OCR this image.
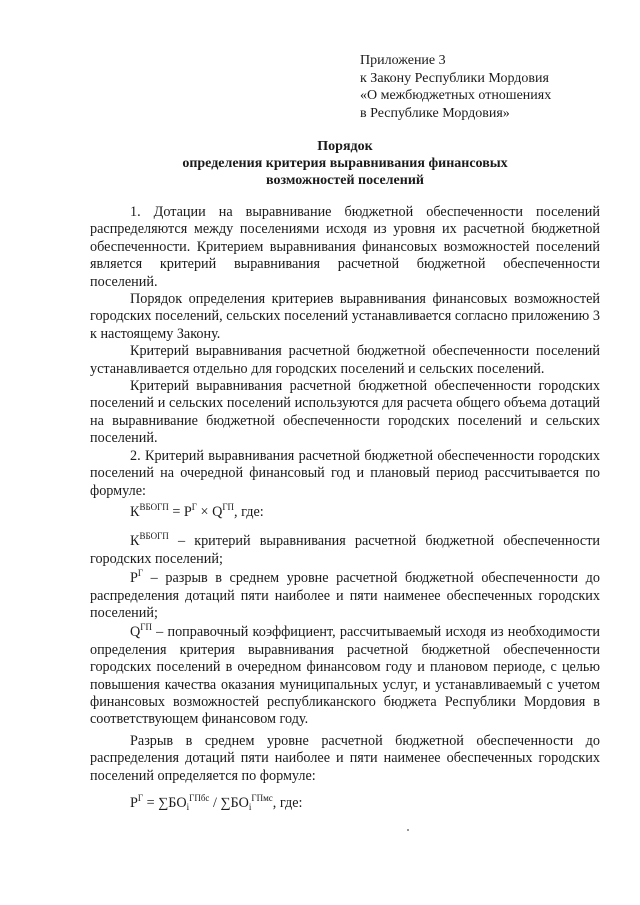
Приложение 3
к Закону Республики Мордовия
«О межбюджетных отношениях
в Республике Мордовия»
Порядок
определения критерия выравнивания финансовых
возможностей поселений

1. Дотации на выравнивание бюджетной обеспеченности поселений распределяются между поселениями исходя из уровня их расчетной бюджетной обеспеченности. Критерием выравнивания финансовых возможностей поселений является критерий выравнивания расчетной бюджетной обеспеченности поселений.

Порядок определения критериев выравнивания финансовых возможностей городских поселений, сельских поселений устанавливается согласно приложению 3 к настоящему Закону.

Критерий выравнивания расчетной бюджетной обеспеченности поселений устанавливается отдельно для городских поселений и сельских поселений.

Критерий выравнивания расчетной бюджетной обеспеченности городских поселений и сельских поселений используются для расчета общего объема дотаций на выравнивание бюджетной обеспеченности городских поселений и сельских поселений.

2. Критерий выравнивания расчетной бюджетной обеспеченности городских поселений на очередной финансовый год и плановый период рассчитывается по формуле:

$К^{ВБОГП} = Р^Г \times Q^{ГП}$, где:

$К^{ВБОГП}$ – критерий выравнивания расчетной бюджетной обеспеченности городских поселений;

$Р^Г$ – разрыв в среднем уровне расчетной бюджетной обеспеченности до распределения дотаций пяти наиболее и пяти наименее обеспеченных городских поселений;

$Q^{ГП}$ – поправочный коэффициент, рассчитываемый исходя из необходимости определения критерия выравнивания расчетной бюджетной обеспеченности городских поселений в очередном финансовом году и плановом периоде, с целью повышения качества оказания муниципальных услуг, и устанавливаемый с учетом финансовых возможностей республиканского бюджета Республики Мордовия в соответствующем финансовом году.

Разрыв в среднем уровне расчетной бюджетной обеспеченности до распределения дотаций пяти наиболее и пяти наименее обеспеченных городских поселений определяется по формуле:

$Р^Г = \sum БО_i^{ГПбс} / \sum БО_i^{ГПмс}$, где:
